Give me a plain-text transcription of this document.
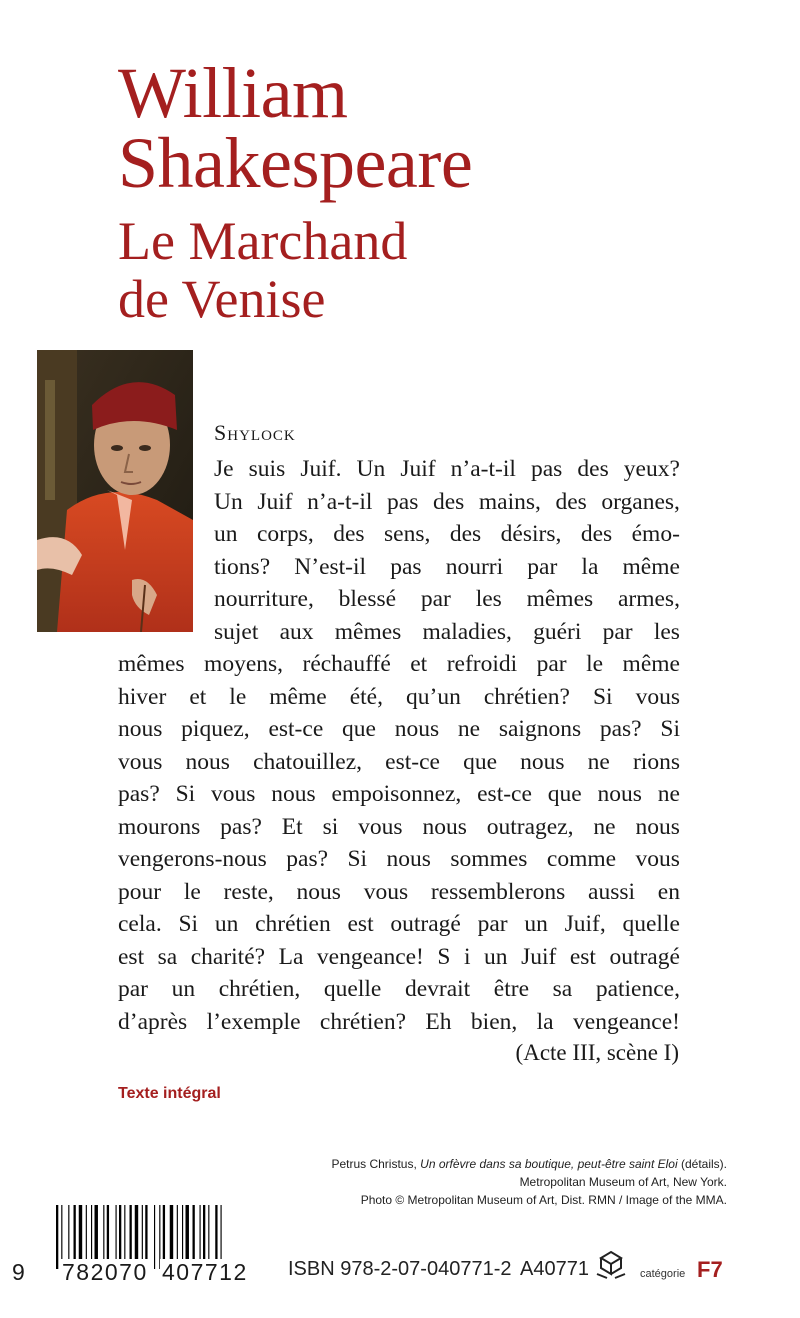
William
Shakespeare
Le Marchand
de Venise
Shylock
Je suis Juif. Un Juif n’a-t-il pas des yeux?
Un Juif n’a-t-il pas des mains, des organes,
un corps, des sens, des désirs, des émo-
tions? N’est-il pas nourri par la même
nourriture, blessé par les mêmes armes,
sujet aux mêmes maladies, guéri par les
mêmes moyens, réchauffé et refroidi par le même
hiver et le même été, qu’un chrétien? Si vous
nous piquez, est-ce que nous ne saignons pas? Si
vous nous chatouillez, est-ce que nous ne rions
pas? Si vous nous empoisonnez, est-ce que nous ne
mourons pas? Et si vous nous outragez, ne nous
vengerons-nous pas? Si nous sommes comme vous
pour le reste, nous vous ressemblerons aussi en
cela. Si un chrétien est outragé par un Juif, quelle
est sa charité? La vengeance! S i un Juif est outragé
par un chrétien, quelle devrait être sa patience,
d’après l’exemple chrétien? Eh bien, la vengeance!
(Acte III, scène I)
Texte intégral
Petrus Christus, Un orfèvre dans sa boutique, peut-être saint Eloi (détails).
Metropolitan Museum of Art, New York.
Photo © Metropolitan Museum of Art, Dist. RMN / Image of the MMA.
9 782070 407712 ISBN 978-2-07-040771-2 A40771	catégorie F7
